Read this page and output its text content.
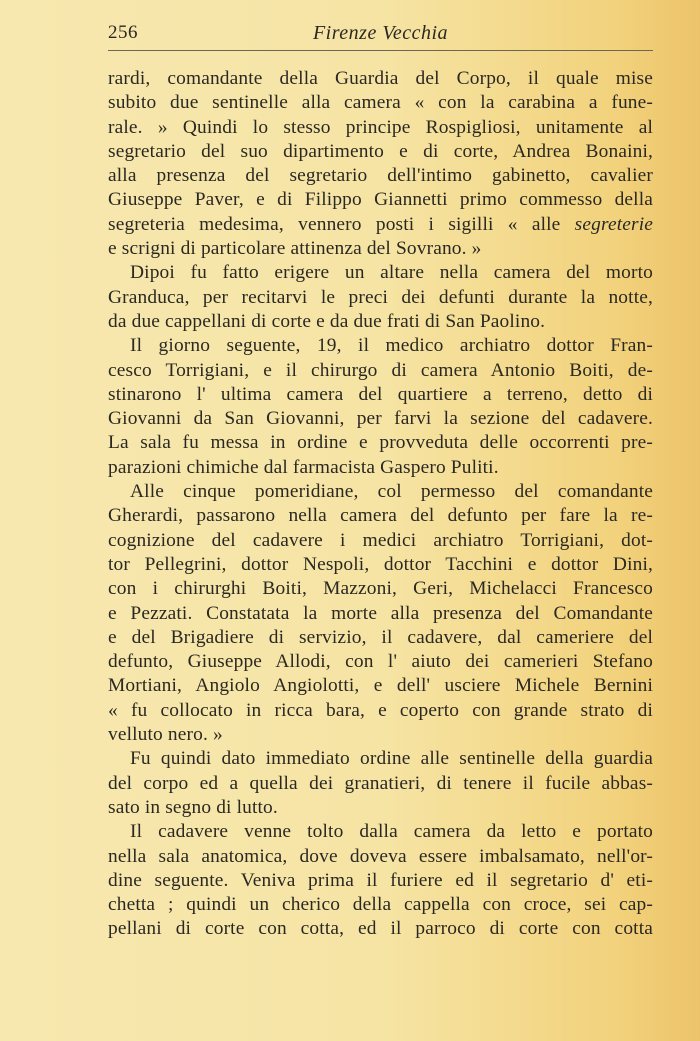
256	Firenze Vecchia
rardi, comandante della Guardia del Corpo, il quale mise
subito due sentinelle alla camera « con la carabina a fune-
rale. » Quindi lo stesso principe Rospigliosi, unitamente al
segretario del suo dipartimento e di corte, Andrea Bonaini,
alla presenza del segretario dell'intimo gabinetto, cavalier
Giuseppe Paver, e di Filippo Giannetti primo commesso della
segreteria medesima, vennero posti i sigilli « alle segreterie
e scrigni di particolare attinenza del Sovrano. »
Dipoi fu fatto erigere un altare nella camera del morto
Granduca, per recitarvi le preci dei defunti durante la notte,
da due cappellani di corte e da due frati di San Paolino.
Il giorno seguente, 19, il medico archiatro dottor Fran-
cesco Torrigiani, e il chirurgo di camera Antonio Boiti, de-
stinarono l' ultima camera del quartiere a terreno, detto di
Giovanni da San Giovanni, per farvi la sezione del cadavere.
La sala fu messa in ordine e provveduta delle occorrenti pre-
parazioni chimiche dal farmacista Gaspero Puliti.
Alle cinque pomeridiane, col permesso del comandante
Gherardi, passarono nella camera del defunto per fare la re-
cognizione del cadavere i medici archiatro Torrigiani, dot-
tor Pellegrini, dottor Nespoli, dottor Tacchini e dottor Dini,
con i chirurghi Boiti, Mazzoni, Geri, Michelacci Francesco
e Pezzati. Constatata la morte alla presenza del Comandante
e del Brigadiere di servizio, il cadavere, dal cameriere del
defunto, Giuseppe Allodi, con l' aiuto dei camerieri Stefano
Mortiani, Angiolo Angiolotti, e dell' usciere Michele Bernini
« fu collocato in ricca bara, e coperto con grande strato di
velluto nero. »
Fu quindi dato immediato ordine alle sentinelle della guardia
del corpo ed a quella dei granatieri, di tenere il fucile abbas-
sato in segno di lutto.
Il cadavere venne tolto dalla camera da letto e portato
nella sala anatomica, dove doveva essere imbalsamato, nell'or-
dine seguente. Veniva prima il furiere ed il segretario d' eti-
chetta ; quindi un cherico della cappella con croce, sei cap-
pellani di corte con cotta, ed il parroco di corte con cotta
